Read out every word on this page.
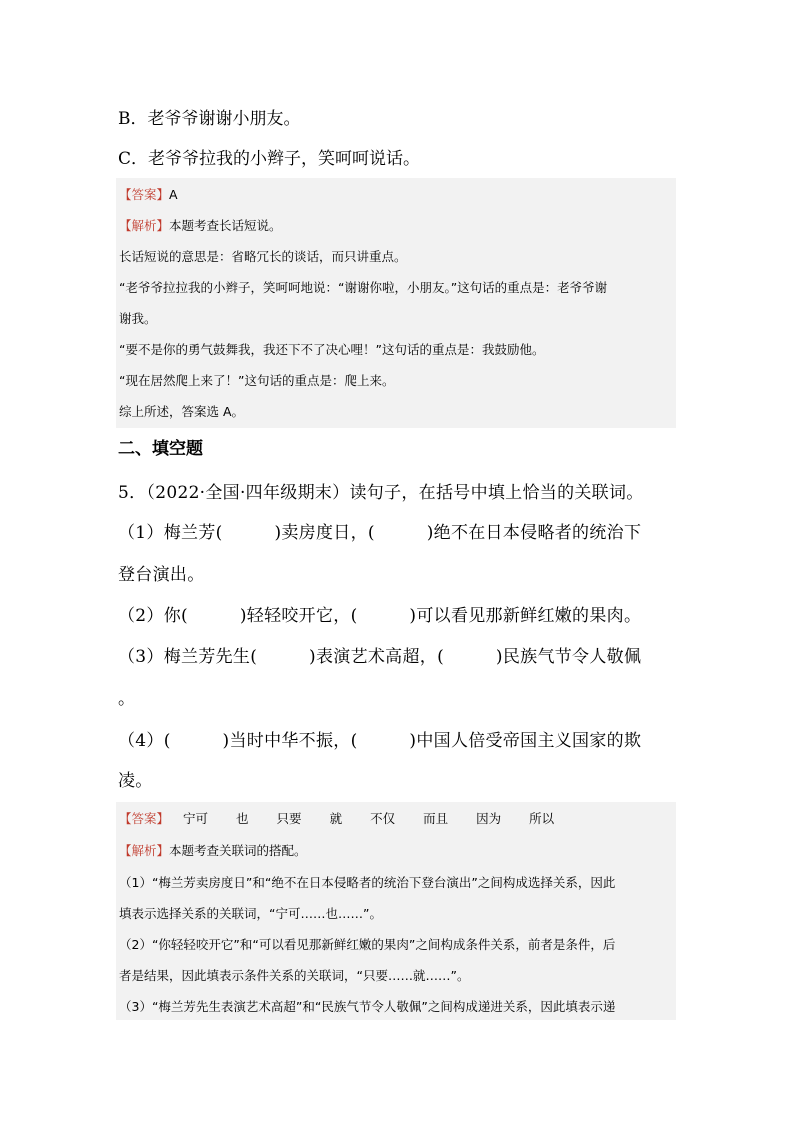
B．老爷爷谢谢小朋友。

C．老爷爷拉我的小辫子，笑呵呵说话。

【答案】A
【解析】本题考查长话短说。
长话短说的意思是：省略冗长的谈话，而只讲重点。
“老爷爷拉拉我的小辫子，笑呵呵地说：“谢谢你啦，小朋友。”这句话的重点是：老爷爷谢
谢我。
“要不是你的勇气鼓舞我，我还下不了决心哩！”这句话的重点是：我鼓励他。
“现在居然爬上来了！”这句话的重点是：爬上来。
综上所述，答案选 A。

二、填空题

5．（2022·全国·四年级期末）读句子，在括号中填上恰当的关联词。

（1）梅兰芳(　　　)卖房度日，(　　　)绝不在日本侵略者的统治下

登台演出。

（2）你(　　　)轻轻咬开它，(　　　)可以看见那新鲜红嫩的果肉。

（3）梅兰芳先生(　　　)表演艺术高超，(　　　)民族气节令人敬佩

。

（4）(　　　)当时中华不振，(　　　)中国人倍受帝国主义国家的欺

凌。

【答案】 宁可 也 只要 就 不仅 而且 因为 所以
【解析】本题考查关联词的搭配。
（1）“梅兰芳卖房度日”和“绝不在日本侵略者的统治下登台演出”之间构成选择关系，因此
填表示选择关系的关联词，“宁可……也……”。
（2）“你轻轻咬开它”和“可以看见那新鲜红嫩的果肉”之间构成条件关系，前者是条件，后
者是结果，因此填表示条件关系的关联词，“只要……就……”。
（3）“梅兰芳先生表演艺术高超”和“民族气节令人敬佩”之间构成递进关系，因此填表示递
